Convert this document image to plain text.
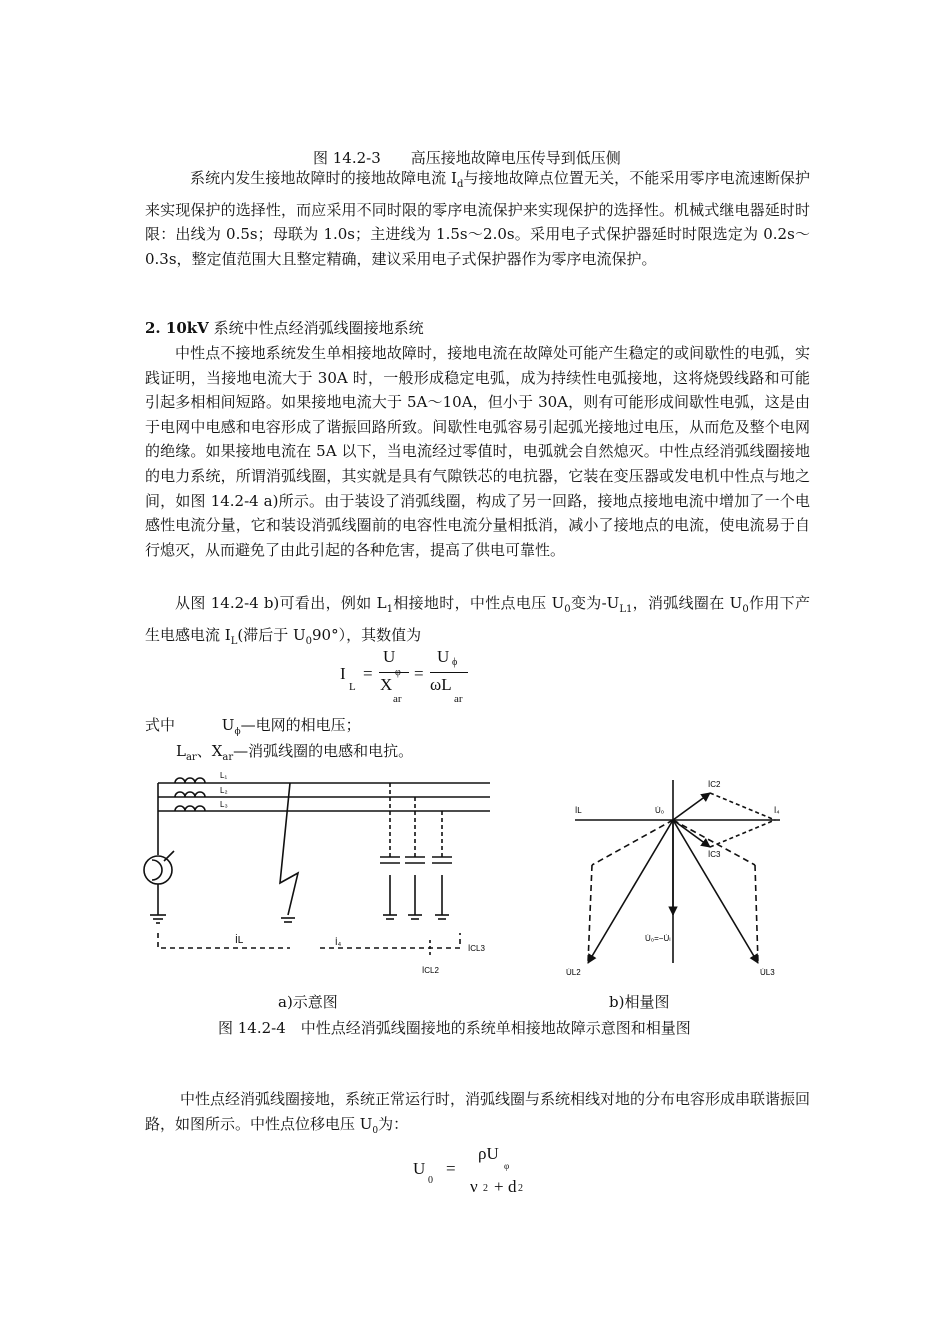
图 14.2-3　　高压接地故障电压传导到低压侧

系统内发生接地故障时的接地故障电流 $I_d$与接地故障点位置无关，不能采用零序电流速断保护来实现保护的选择性，而应采用不同时限的零序电流保护来实现保护的选择性。机械式继电器延时时限：出线为 0.5s；母联为 1.0s；主进线为 1.5s～2.0s。采用电子式保护器延时时限选定为 0.2s～0.3s，整定值范围大且整定精确，建议采用电子式保护器作为零序电流保护。

2. 10kV 系统中性点经消弧线圈接地系统

中性点不接地系统发生单相接地故障时，接地电流在故障处可能产生稳定的或间歇性的电弧，实践证明，当接地电流大于 30A 时，一般形成稳定电弧，成为持续性电弧接地，这将烧毁线路和可能引起多相相间短路。如果接地电流大于 5A～10A，但小于 30A，则有可能形成间歇性电弧，这是由于电网中电感和电容形成了谐振回路所致。间歇性电弧容易引起弧光接地过电压，从而危及整个电网的绝缘。如果接地电流在 5A 以下，当电流经过零值时，电弧就会自然熄灭。中性点经消弧线圈接地的电力系统，所谓消弧线圈，其实就是具有气隙铁芯的电抗器，它装在变压器或发电机中性点与地之间，如图 14.2-4 a)所示。由于装设了消弧线圈，构成了另一回路，接地点接地电流中增加了一个电感性电流分量，它和装设消弧线圈前的电容性电流分量相抵消，减小了接地点的电流，使电流易于自行熄灭，从而避免了由此引起的各种危害，提高了供电可靠性。

从图 14.2-4 b)可看出，例如 $L_1$相接地时，中性点电压 $U_0$变为$-U_{L1}$，消弧线圈在 $U_0$作用下产生电感电流 $I_L$(滞后于 $U_090^\circ$），其数值为

I
L
=
U
φ
X
ar
=
U ϕ
ωL
ar
式中	$U_\phi—$电网的相电压；
$L_{ar}$、$X_{ar}—$消弧线圈的电感和电抗。
L₁
L₂
L₃
İL	İ₄
İCL3
İCL2
İL
İC2
İC3
İ₄
U̇₀
U̇₀=−U̇ₗ
U̇L2	U̇L3
a)示意图	b)相量图
图 14.2-4　中性点经消弧线圈接地的系统单相接地故障示意图和相量图

中性点经消弧线圈接地，系统正常运行时，消弧线圈与系统相线对地的分布电容形成串联谐振回路，如图所示。中性点位移电压 $U_0$为：

U
0
=
ρU
φ
ν 2 + d 2
